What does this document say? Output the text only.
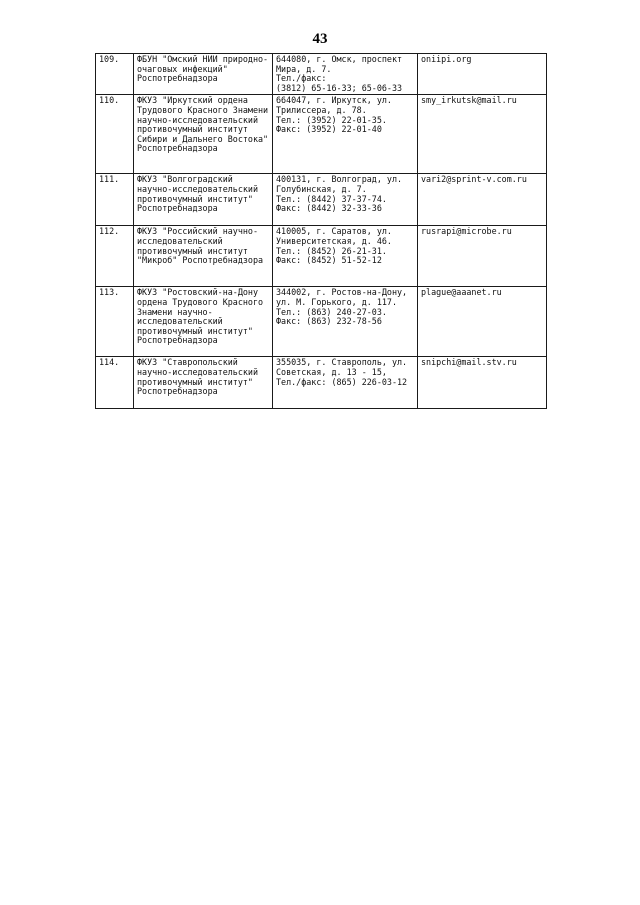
43
109.	ФБУН "Омский НИИ природно-очаговых инфекций" Роспотребнадзора	644080, г. Омск, проспект Мира, д. 7.
Тел./факс:
(3812) 65-16-33; 65-06-33	oniipi.org
110.	ФКУЗ "Иркутский ордена Трудового Красного Знамени научно-исследовательский противочумный институт Сибири и Дальнего Востока" Роспотребнадзора	664047, г. Иркутск, ул. Трилиссера, д. 78.
Тел.: (3952) 22-01-35.
Факс: (3952) 22-01-40	smy_irkutsk@mail.ru
111.	ФКУЗ "Волгоградский научно-исследовательский противочумный институт" Роспотребнадзора	400131, г. Волгоград, ул. Голубинская, д. 7.
Тел.: (8442) 37-37-74.
Факс: (8442) 32-33-36	vari2@sprint-v.com.ru
112.	ФКУЗ "Российский научно-исследовательский противочумный институт "Микроб" Роспотребнадзора	410005, г. Саратов, ул. Университетская, д. 46.
Тел.: (8452) 26-21-31.
Факс: (8452) 51-52-12	rusrapi@microbe.ru
113.	ФКУЗ "Ростовский-на-Дону ордена Трудового Красного Знамени научно-исследовательский противочумный институт" Роспотребнадзора	344002, г. Ростов-на-Дону, ул. М. Горького, д. 117.
Тел.: (863) 240-27-03.
Факс: (863) 232-78-56	plague@aaanet.ru
114.	ФКУЗ "Ставропольский научно-исследовательский противочумный институт" Роспотребнадзора	355035, г. Ставрополь, ул. Советская, д. 13 - 15,
Тел./факс: (865) 226-03-12	snipchi@mail.stv.ru
